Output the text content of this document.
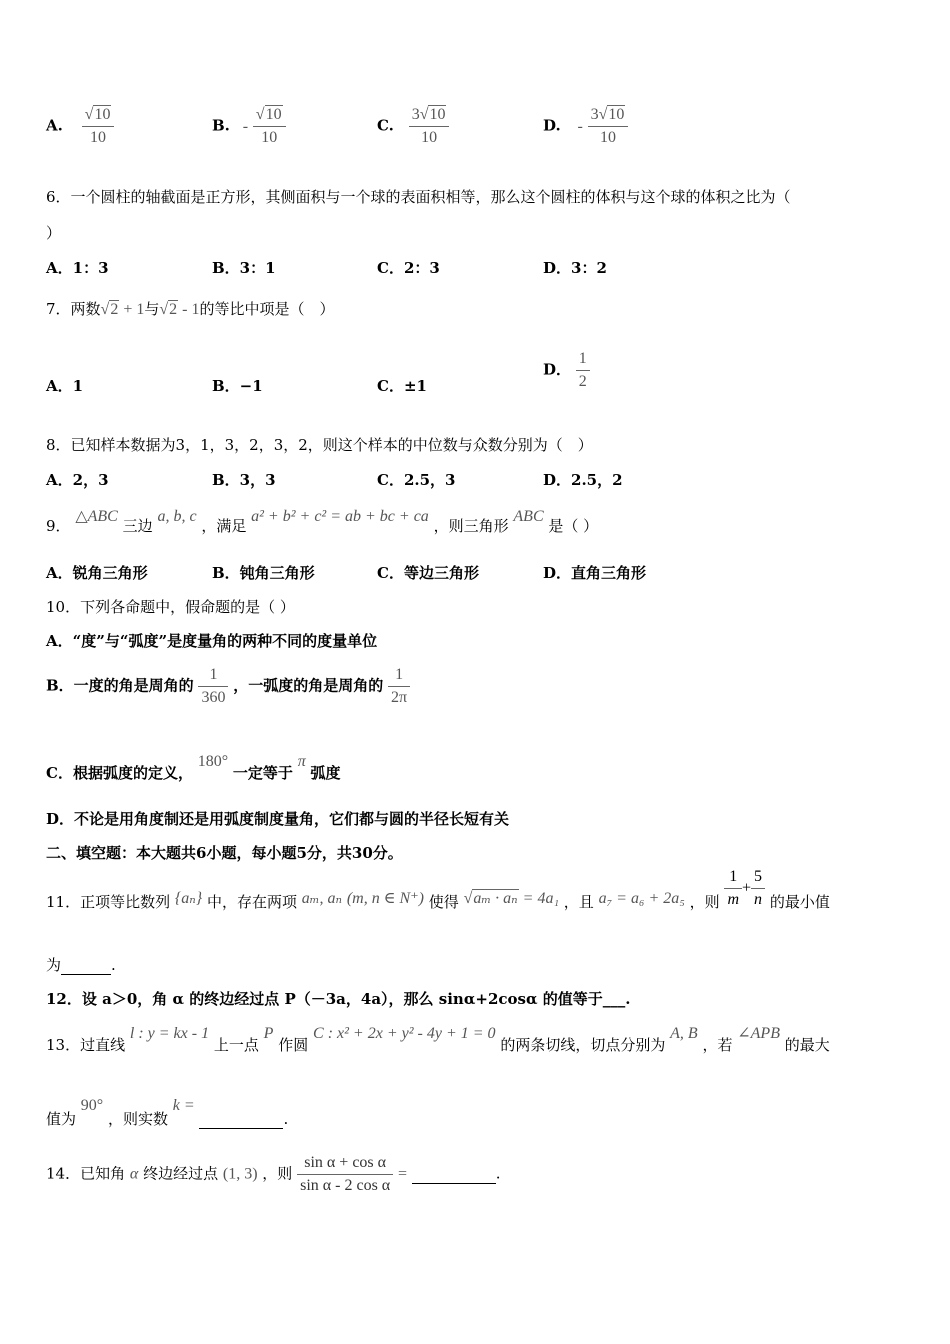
A. $\frac{√10}{10}$	B. - $\frac{√10}{10}$	C. $\frac{3√10}{10}$	D. - $\frac{3√10}{10}$
6．一个圆柱的轴截面是正方形，其侧面积与一个球的表面积相等，那么这个圆柱的体积与这个球的体积之比为（
）
A．1：3	B．3：1	C．2：3	D．3：2
7．两数√2 + 1与√2 - 1的等比中项是（　）
A．1	B．−1	C．±1
D． $\frac{1}{2}$
8．已知样本数据为3，1，3，2，3，2，则这个样本的中位数与众数分别为（　）
A．2，3	B．3，3	C．2.5，3	D．2.5，2
9． △ABC 三边 a, b, c ，满足 a² + b² + c² = ab + bc + ca ，则三角形 ABC 是（ ）
A．锐角三角形	B．钝角三角形	C．等边三角形	D．直角三角形
10．下列各命题中，假命题的是（ ）
A．“度”与“弧度”是度量角的两种不同的度量单位
B．一度的角是周角的 $\frac{1}{360}$ ，一弧度的角是周角的 $\frac{1}{2\pi}$
C．根据弧度的定义， 180° 一定等于 π 弧度
D．不论是用角度制还是用弧度制度量角，它们都与圆的半径长短有关
二、填空题：本大题共6小题，每小题5分，共30分。
11．正项等比数列 {aₙ} 中，存在两项 aₘ, aₙ (m, n ∈ N⁺) 使得 √aₘ · aₙ = 4a₁ ，且 a₇ = a₆ + 2a₅ ，则 $\frac{1}{m} + \frac{5}{n}$ 的最小值
为	.
12．设 a＞0，角 α 的终边经过点 P（－3a，4a），那么 sinα+2cosα 的值等于___.
13．过直线 l : y = kx - 1 上一点 P 作圆 C : x² + 2x + y² - 4y + 1 = 0 的两条切线，切点分别为 A, B ，若 ∠APB 的最大
值为 90° ，则实数 k =  .
14．已知角 α 终边经过点 (1, 3) ，则 $\frac{\text{sin α + cos α}}{\text{sin α - 2 cos α}}$ =	.
